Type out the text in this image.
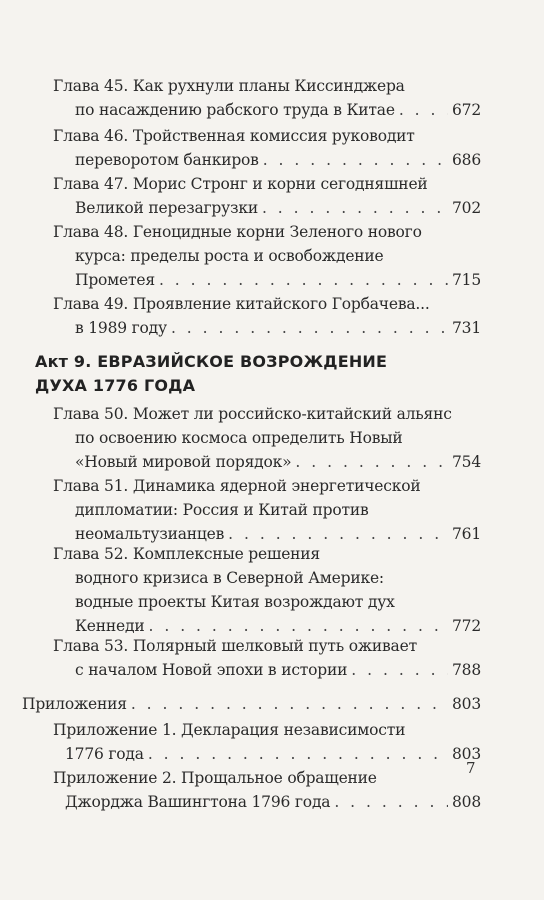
Глава 45. Как рухнули планы Киссинджера
по насаждению рабского труда в Китае . . .	672
Глава 46. Тройственная комиссия руководит
переворотом банкиров . . .	686
Глава 47. Морис Стронг и корни сегодняшней
Великой перезагрузки . . .	702
Глава 48. Геноцидные корни Зеленого нового
курса: пределы роста и освобождение
Прометея . . .	715
Глава 49. Проявление китайского Горбачева...
в 1989 году . . .	731
Акт 9. ЕВРАЗИЙСКОЕ ВОЗРОЖДЕНИЕ
ДУХА 1776 ГОДА
Глава 50. Может ли российско-китайский альянс
по освоению космоса определить Новый
«Новый мировой порядок» . . .	754
Глава 51. Динамика ядерной энергетической
дипломатии: Россия и Китай против
неомальтузианцев . . .	761
Глава 52. Комплексные решения
водного кризиса в Северной Америке:
водные проекты Китая возрождают дух
Кеннеди . . .	772
Глава 53. Полярный шелковый путь оживает
с началом Новой эпохи в истории . . .	788
Приложения . . .	803
Приложение 1. Декларация независимости
1776 года . . .	803
Приложение 2. Прощальное обращение
Джорджа Вашингтона 1796 года . . .	808
7
